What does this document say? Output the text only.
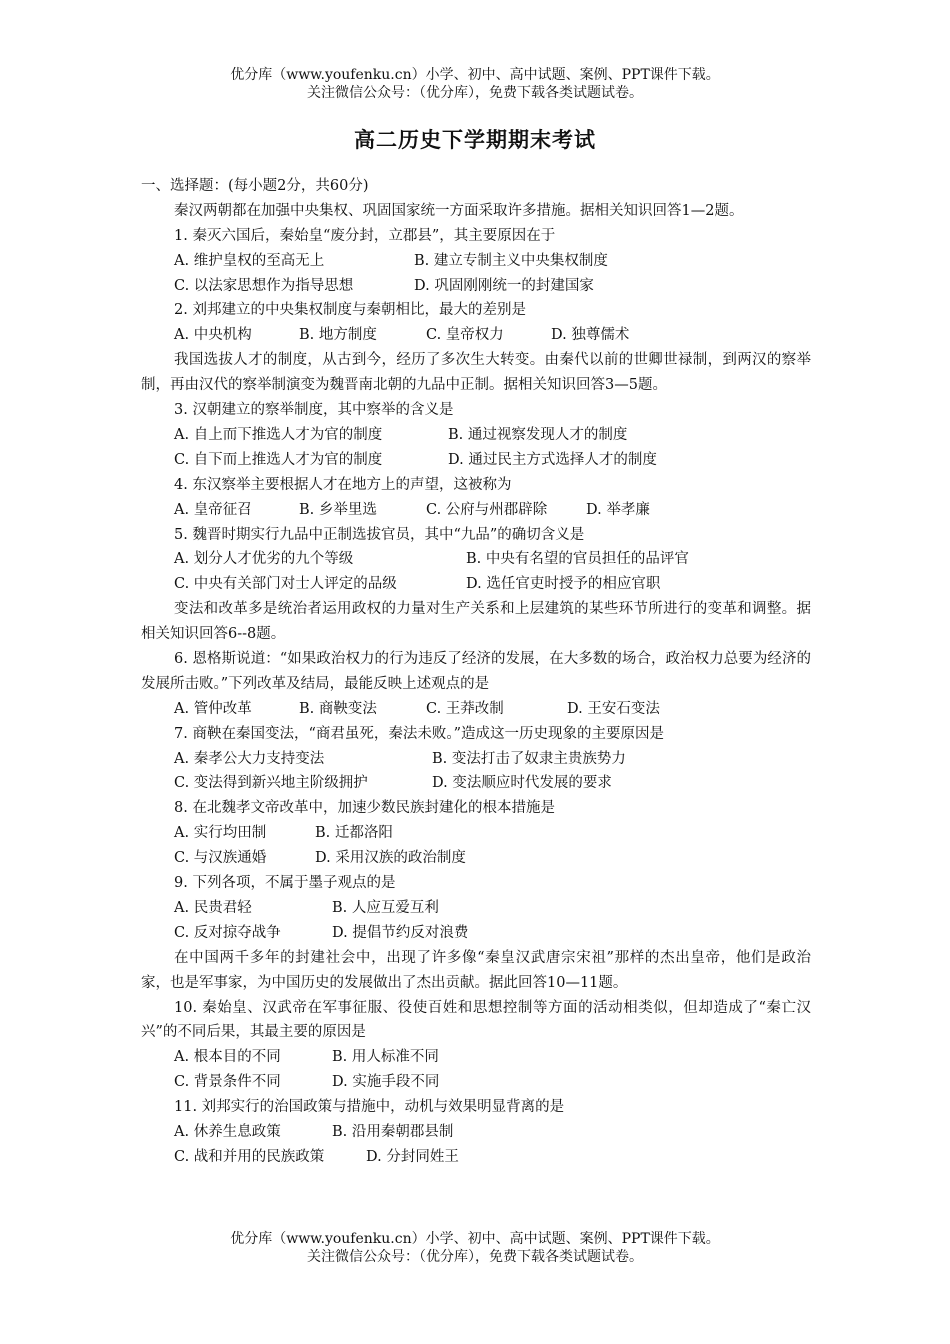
优分库（www.youfenku.cn）小学、初中、高中试题、案例、PPT课件下载。
关注微信公众号：（优分库），免费下载各类试题试卷。
高二历史下学期期末考试
一、选择题：(每小题2分，共60分)
秦汉两朝都在加强中央集权、巩固国家统一方面采取许多措施。据相关知识回答1—2题。
1. 秦灭六国后，秦始皇“废分封，立郡县”，其主要原因在于
A. 维护皇权的至高无上	B. 建立专制主义中央集权制度
C. 以法家思想作为指导思想	D. 巩固刚刚统一的封建国家
2. 刘邦建立的中央集权制度与秦朝相比，最大的差别是
A. 中央机构	B. 地方制度	C. 皇帝权力	D. 独尊儒术
我国选拔人才的制度，从古到今，经历了多次生大转变。由秦代以前的世卿世禄制，到两汉的察举制，再由汉代的察举制演变为魏晋南北朝的九品中正制。据相关知识回答3—5题。
3. 汉朝建立的察举制度，其中察举的含义是
A. 自上而下推选人才为官的制度	B. 通过视察发现人才的制度
C. 自下而上推选人才为官的制度	D. 通过民主方式选择人才的制度
4. 东汉察举主要根据人才在地方上的声望，这被称为
A. 皇帝征召	B. 乡举里选	C. 公府与州郡辟除	D. 举孝廉
5. 魏晋时期实行九品中正制选拔官员，其中“九品”的确切含义是
A. 划分人才优劣的九个等级	B. 中央有名望的官员担任的品评官
C. 中央有关部门对士人评定的品级	D. 选任官吏时授予的相应官职
变法和改革多是统治者运用政权的力量对生产关系和上层建筑的某些环节所进行的变革和调整。据相关知识回答6--8题。
6. 恩格斯说道：“如果政治权力的行为违反了经济的发展，在大多数的场合，政治权力总要为经济的发展所击败。”下列改革及结局，最能反映上述观点的是
A. 管仲改革	B. 商鞅变法	C. 王莽改制	D. 王安石变法
7. 商鞅在秦国变法，“商君虽死，秦法未败。”造成这一历史现象的主要原因是
A. 秦孝公大力支持变法	B. 变法打击了奴隶主贵族势力
C. 变法得到新兴地主阶级拥护	D. 变法顺应时代发展的要求
8. 在北魏孝文帝改革中，加速少数民族封建化的根本措施是
A. 实行均田制	B. 迁都洛阳
C. 与汉族通婚	D. 采用汉族的政治制度
9. 下列各项，不属于墨子观点的是
A. 民贵君轻	B. 人应互爱互利
C. 反对掠夺战争	D. 提倡节约反对浪费
在中国两千多年的封建社会中，出现了许多像“秦皇汉武唐宗宋祖”那样的杰出皇帝，他们是政治家，也是军事家，为中国历史的发展做出了杰出贡献。据此回答10—11题。
10. 秦始皇、汉武帝在军事征服、役使百姓和思想控制等方面的活动相类似，但却造成了“秦亡汉兴”的不同后果，其最主要的原因是
A. 根本目的不同	B. 用人标准不同
C. 背景条件不同	D. 实施手段不同
11. 刘邦实行的治国政策与措施中，动机与效果明显背离的是
A. 休养生息政策	B. 沿用秦朝郡县制
C. 战和并用的民族政策	D. 分封同姓王
优分库（www.youfenku.cn）小学、初中、高中试题、案例、PPT课件下载。
关注微信公众号：（优分库），免费下载各类试题试卷。
